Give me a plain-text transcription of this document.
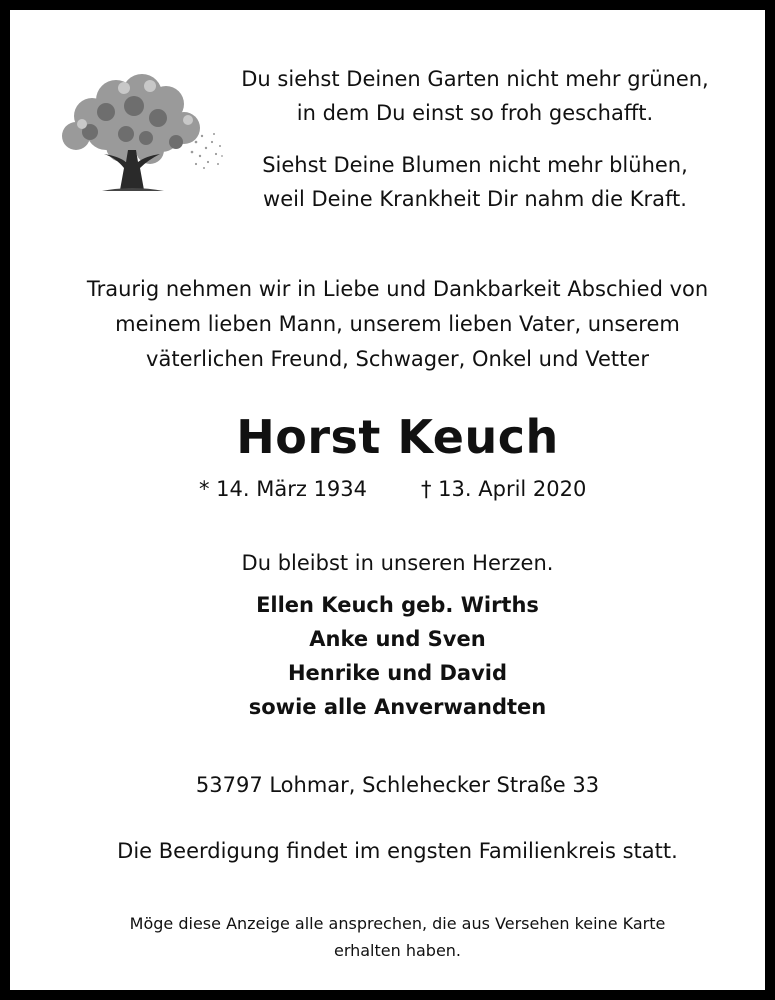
Du siehst Deinen Garten nicht mehr grünen,

in dem Du einst so froh geschafft.

Siehst Deine Blumen nicht mehr blühen,

weil Deine Krankheit Dir nahm die Kraft.

Traurig nehmen wir in Liebe und Dankbarkeit Abschied von
meinem lieben Mann, unserem lieben Vater, unserem
väterlichen Freund, Schwager, Onkel und Vetter
Horst Keuch
* 14. März 1934	† 13. April 2020
Du bleibst in unseren Herzen.
Ellen Keuch geb. Wirths
Anke und Sven
Henrike und David
sowie alle Anverwandten
53797 Lohmar, Schlehecker Straße 33
Die Beerdigung findet im engsten Familienkreis statt.
Möge diese Anzeige alle ansprechen, die aus Versehen keine Karte
erhalten haben.
